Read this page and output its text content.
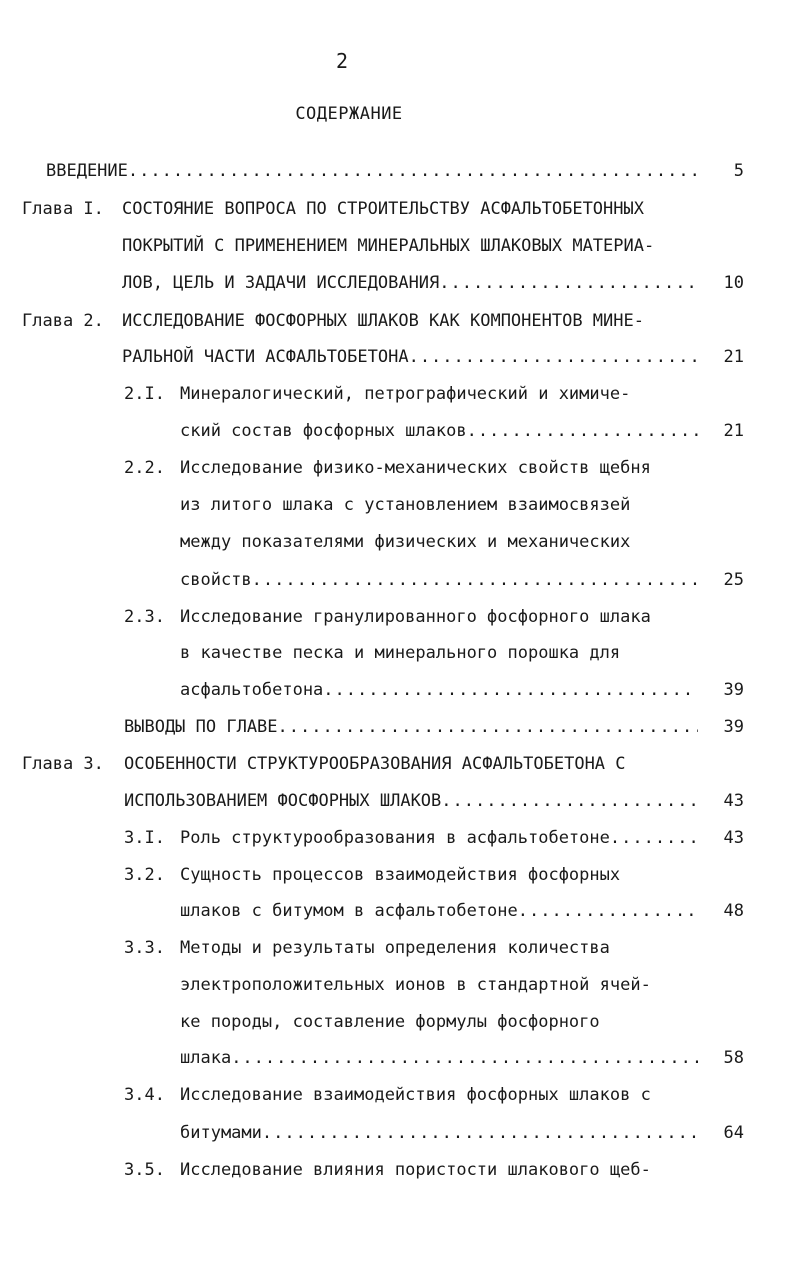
2
СОДЕРЖАНИЕ
ВВЕДЕНИЕ .....	5
Глава I. СОСТОЯНИЕ ВОПРОСА ПО СТРОИТЕЛЬСТВУ АСФАЛЬТОБЕТОННЫХ
ПОКРЫТИЙ С ПРИМЕНЕНИЕМ МИНЕРАЛЬНЫХ ШЛАКОВЫХ МАТЕРИА-
ЛОВ, ЦЕЛЬ И ЗАДАЧИ ИССЛЕДОВАНИЯ .....	10
Глава 2. ИССЛЕДОВАНИЕ ФОСФОРНЫХ ШЛАКОВ КАК КОМПОНЕНТОВ МИНЕ-
РАЛЬНОЙ ЧАСТИ АСФАЛЬТОБЕТОНА .....	21
2.I. Минералогический, петрографический и химиче-
ский состав фосфорных шлаков .....	21
2.2. Исследование физико-механических свойств щебня
из литого шлака с установлением взаимосвязей
между показателями физических и механических
свойств .....	25
2.3. Исследование гранулированного фосфорного шлака
в качестве песка и минерального порошка для
асфальтобетона .....	39
ВЫВОДЫ ПО ГЛАВЕ .....	39
Глава 3. ОСОБЕННОСТИ СТРУКТУРООБРАЗОВАНИЯ АСФАЛЬТОБЕТОНА С
ИСПОЛЬЗОВАНИЕМ ФОСФОРНЫХ ШЛАКОВ .....	43
3.I. Роль структурообразования в асфальтобетоне .....	43
3.2. Сущность процессов взаимодействия фосфорных
шлаков с битумом в асфальтобетоне .....	48
3.3. Методы и результаты определения количества
электроположительных ионов в стандартной ячей-
ке породы, составление формулы фосфорного
шлака .....	58
3.4. Исследование взаимодействия фосфорных шлаков с
битумами .....	64
3.5. Исследование влияния пористости шлакового щеб-
